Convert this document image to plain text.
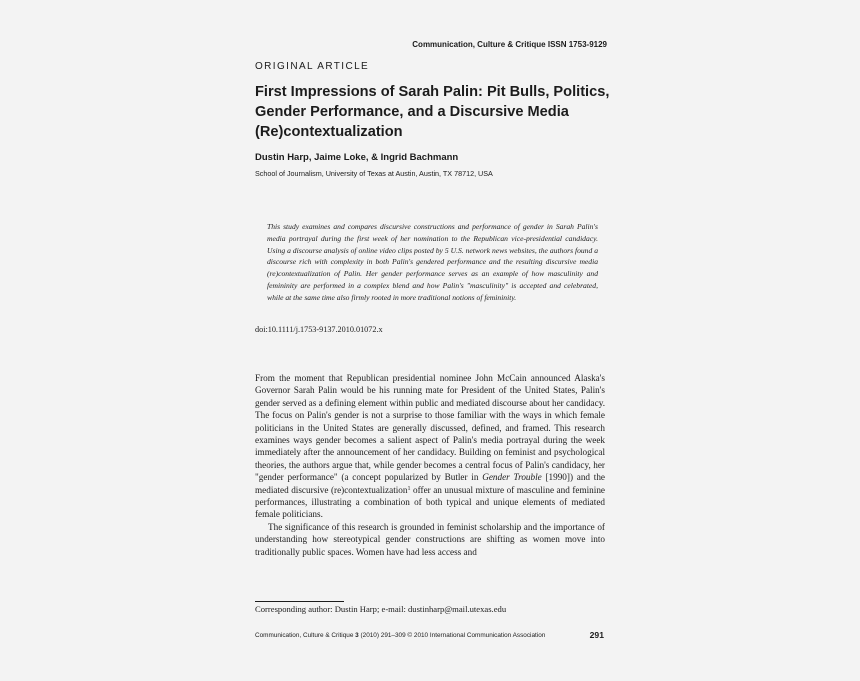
Communication, Culture & Critique ISSN 1753-9129
ORIGINAL ARTICLE
First Impressions of Sarah Palin: Pit Bulls, Politics, Gender Performance, and a Discursive Media (Re)contextualization
Dustin Harp, Jaime Loke, & Ingrid Bachmann
School of Journalism, University of Texas at Austin, Austin, TX 78712, USA

This study examines and compares discursive constructions and performance of gender in Sarah Palin's media portrayal during the first week of her nomination to the Republican vice-presidential candidacy. Using a discourse analysis of online video clips posted by 5 U.S. network news websites, the authors found a discourse rich with complexity in both Palin's gendered performance and the resulting discursive media (re)contextualization of Palin. Her gender performance serves as an example of how masculinity and femininity are performed in a complex blend and how Palin's "masculinity" is accepted and celebrated, while at the same time also firmly rooted in more traditional notions of femininity.

doi:10.1111/j.1753-9137.2010.01072.x

From the moment that Republican presidential nominee John McCain announced Alaska's Governor Sarah Palin would be his running mate for President of the United States, Palin's gender served as a defining element within public and mediated discourse about her candidacy. The focus on Palin's gender is not a surprise to those familiar with the ways in which female politicians in the United States are generally discussed, defined, and framed. This research examines ways gender becomes a salient aspect of Palin's media portrayal during the week immediately after the announcement of her candidacy. Building on feminist and psychological theories, the authors argue that, while gender becomes a central focus of Palin's candidacy, her "gender performance" (a concept popularized by Butler in Gender Trouble [1990]) and the mediated discursive (re)contextualization$^1$ offer an unusual mixture of masculine and feminine performances, illustrating a combination of both typical and unique elements of mediated female politicians.

The significance of this research is grounded in feminist scholarship and the importance of understanding how stereotypical gender constructions are shifting as women move into traditionally public spaces. Women have had less access and

Corresponding author: Dustin Harp; e-mail: dustinharp@mail.utexas.edu
Communication, Culture & Critique 3 (2010) 291–309 © 2010 International Communication Association	291
